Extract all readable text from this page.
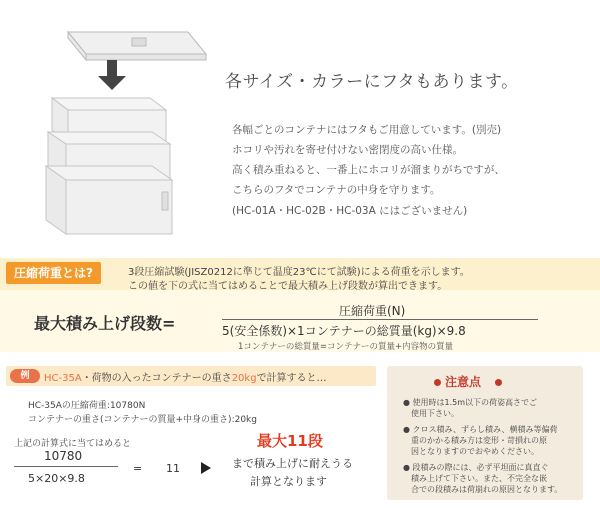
各サイズ・カラーにフタもあります。
各幅ごとのコンテナにはフタもご用意しています。(別売)
ホコリや汚れを寄せ付けない密閉度の高い仕様。
高く積み重ねると、一番上にホコリが溜まりがちですが、
こちらのフタでコンテナの中身を守ります。
(HC-01A・HC-02B・HC-03A にはございません)
圧縮荷重とは?	3段圧縮試験(JISZ0212に準じて温度23℃にて試験)による荷重を示します。
この値を下の式に当てはめることで最大積み上げ段数が算出できます。
最大積み上げ段数=
圧縮荷重(N)
5(安全係数)×1コンテナーの総質量(kg)×9.8
1コンテナーの総質量=コンテナーの質量+内容物の質量
例	HC-35A・荷物の入ったコンテナーの重さ20kgで計算すると…
HC-35Aの圧縮荷重:10780N
コンテナーの重さ(コンテナーの質量+中身の重さ):20kg
上記の計算式に当てはめると
10780
5×20×9.8
= 11
最大11段
まで積み上げに耐えうる
計算となります
注意点
● 使用時は1.5m以下の荷姿高さでご
使用下さい。
● クロス積み、ずらし積み、横積み等偏荷
重のかかる積み方は変形・苛損れの原
因となりますのでおやめください。
● 段積みの際には、必ず平坦面に真直ぐ
積み上げて下さい。また、不完全な嵌
合での段積みは荷崩れの原因となります。
